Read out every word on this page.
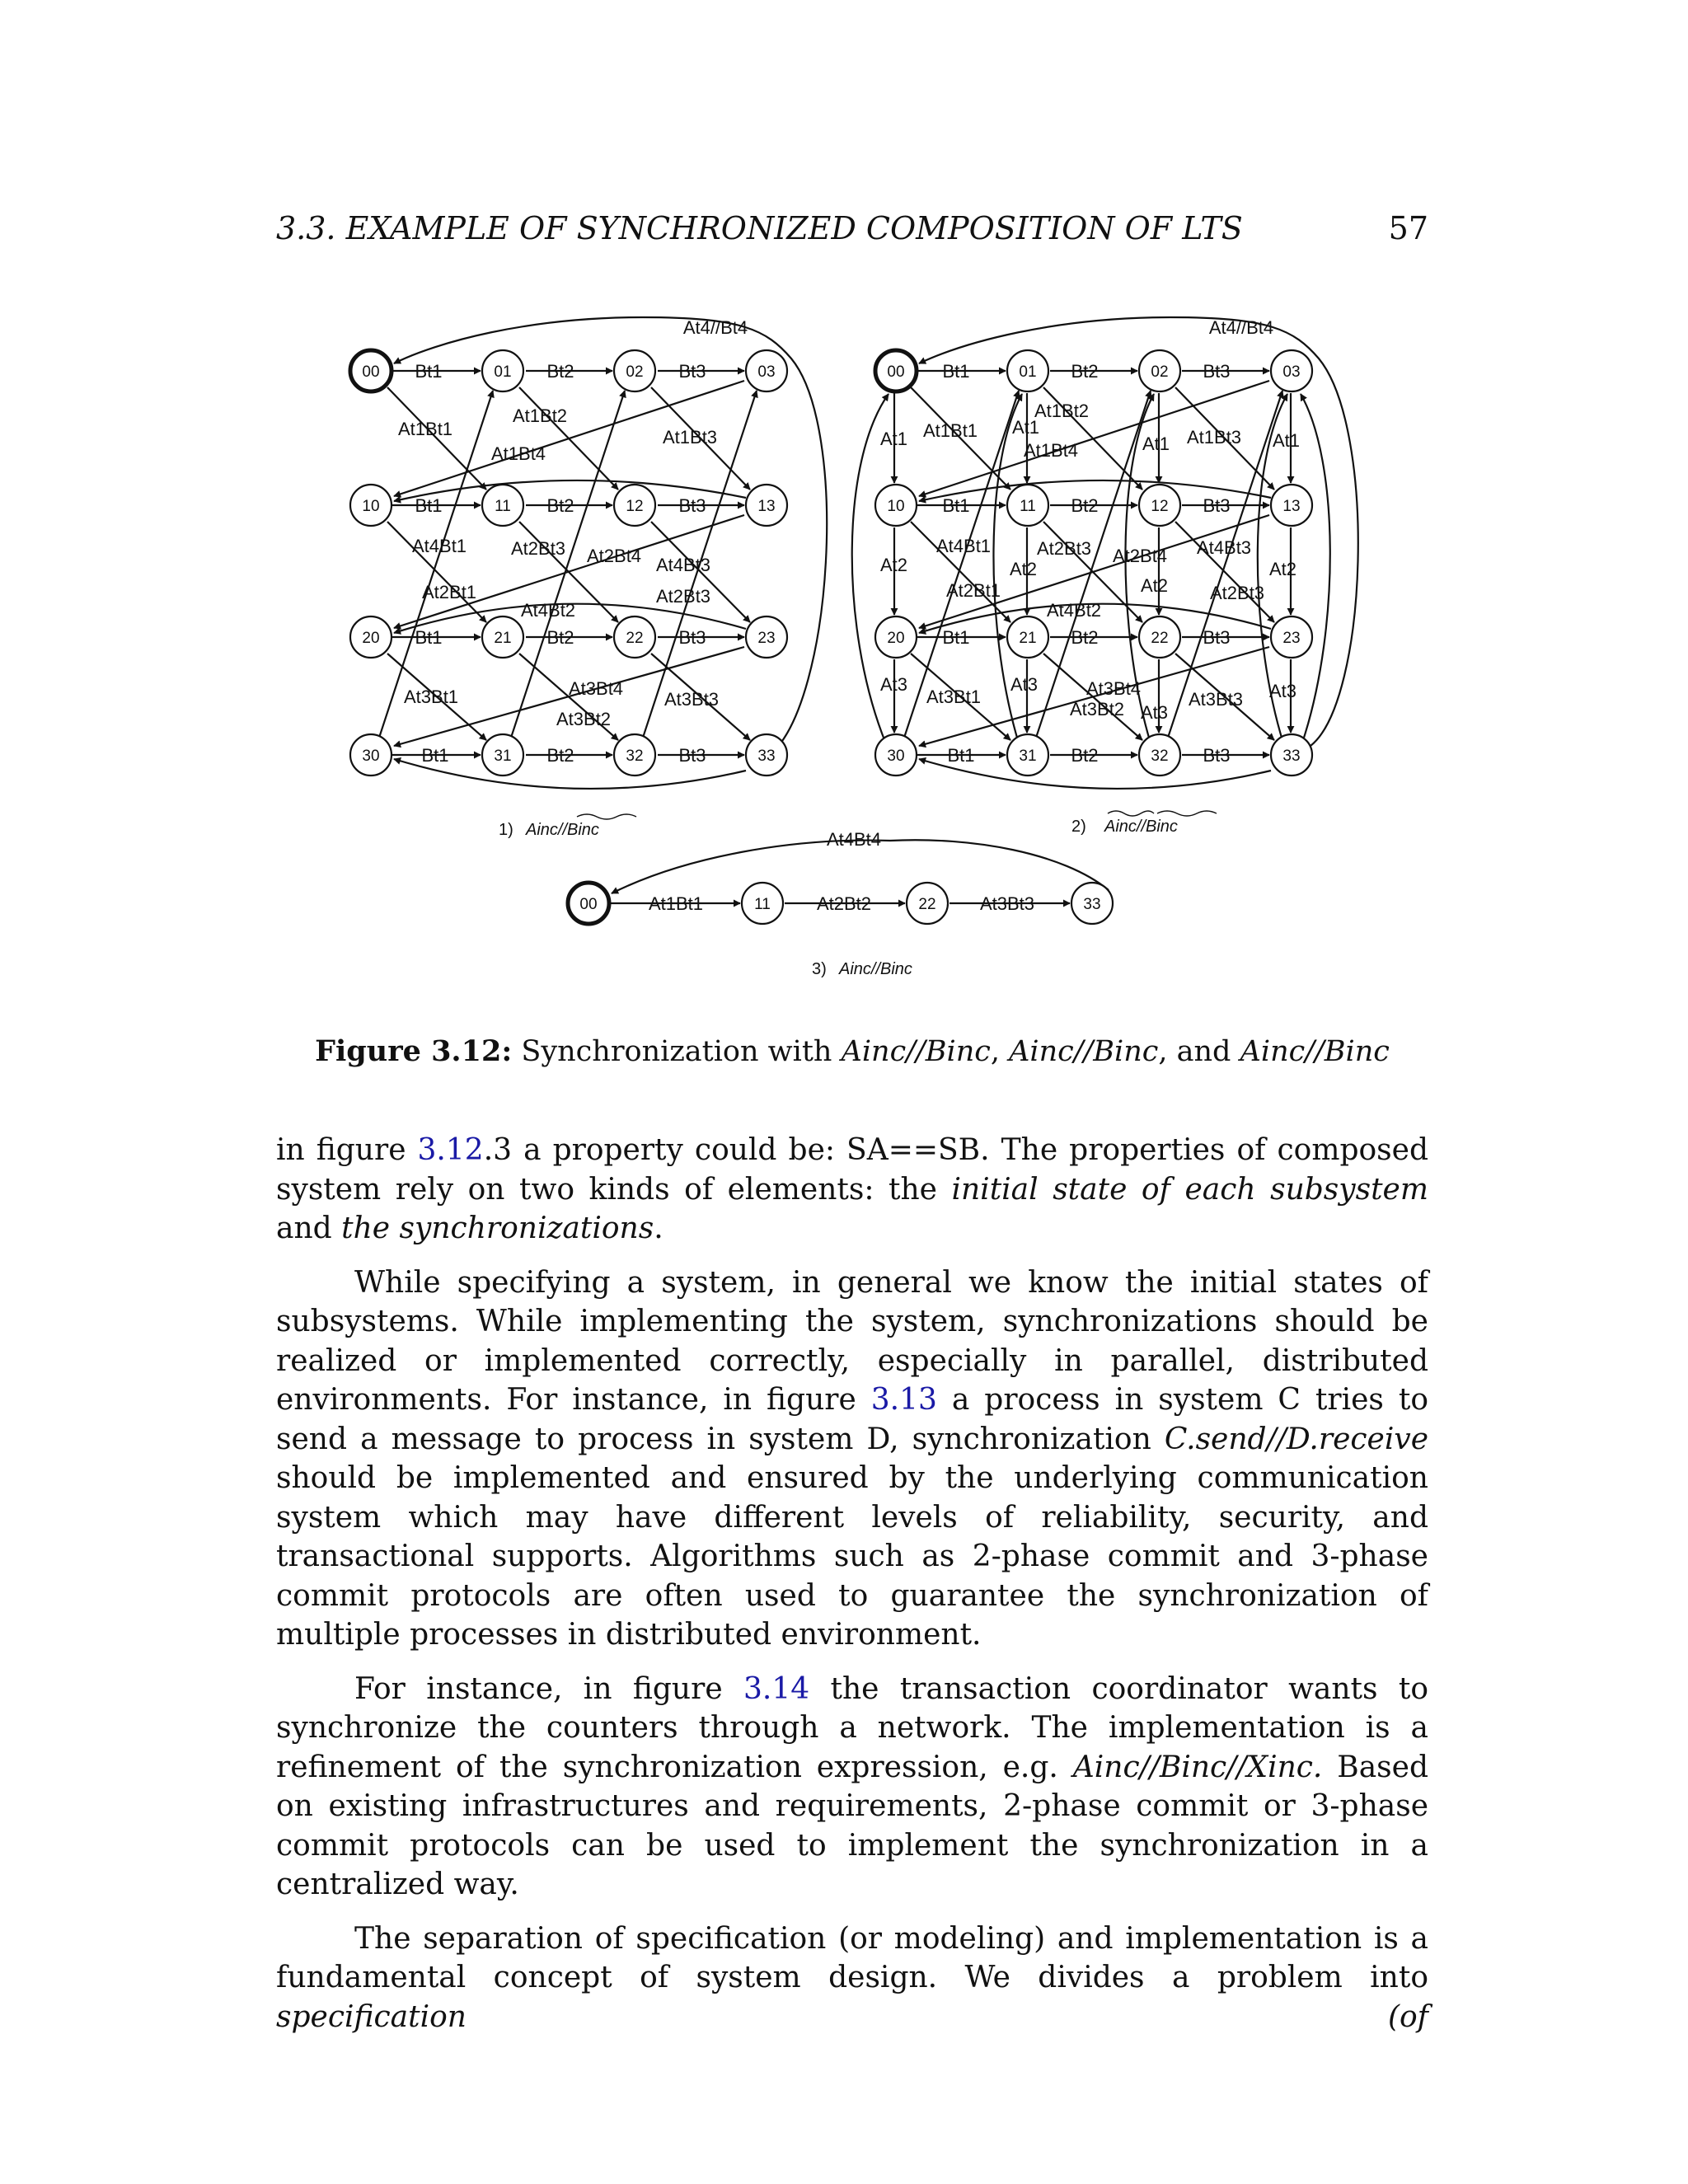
3.3. EXAMPLE OF SYNCHRONIZED COMPOSITION OF LTS	57
00	01	02	03
10	11	12	13
20	21	22	23
30	31	32	33
00	01	02	03
10	11	12	13
20	21	22	23
30	31	32	33
00	11	22	33
Bt1	Bt2	Bt3
Bt1	Bt2	Bt3
Bt1	Bt2	Bt3
Bt1	Bt2	Bt3
At1Bt1
At1Bt2
At1Bt3
At1Bt4
At2Bt1
At2Bt3 At2Bt4
At3Bt1
At3Bt2
At3Bt3
At3Bt4
At4Bt1
At4Bt2
At4Bt3
At2Bt3
At4//Bt4
Bt1	Bt2	Bt3
Bt1	Bt2	Bt3
Bt1	Bt2	Bt3
Bt1	Bt2	Bt3
At1
At2
At3
At1
At2
At3
At1
At2
At3
At1
At2
At3
At1Bt1
At1Bt2
At1Bt3
At1Bt4
At2Bt1
At2Bt3 At2Bt4
At3Bt1
At3Bt2	At3Bt3
At3Bt4
At4Bt1
At4Bt2
At4Bt3
At2Bt3
At4//Bt4
At1Bt1	At2Bt2	At3Bt3
At4Bt4
1) Ainc//Binc	2) Ainc//Binc
3) Ainc//Binc
Figure 3.12: Synchronization with Ainc//Binc, Ainc//Binc, and Ainc//Binc

in figure 3.12.3 a property could be: SA==SB. The properties of composed system rely on two kinds of elements: the initial state of each subsystem and the synchronizations.

While specifying a system, in general we know the initial states of subsystems. While implementing the system, synchronizations should be realized or implemented correctly, especially in parallel, distributed environments. For instance, in figure 3.13 a process in system C tries to send a message to process in system D, synchronization C.send//D.receive should be implemented and ensured by the underlying communication system which may have different levels of reliability, security, and transactional supports. Algorithms such as 2-phase commit and 3-phase commit protocols are often used to guarantee the synchronization of multiple processes in distributed environment.

For instance, in figure 3.14 the transaction coordinator wants to synchronize the counters through a network. The implementation is a refinement of the synchronization expression, e.g. Ainc//Binc//Xinc. Based on existing infrastructures and requirements, 2-phase commit or 3-phase commit protocols can be used to implement the synchronization in a centralized way.

The separation of specification (or modeling) and implementation is a fundamental concept of system design. We divides a problem into specification (of
